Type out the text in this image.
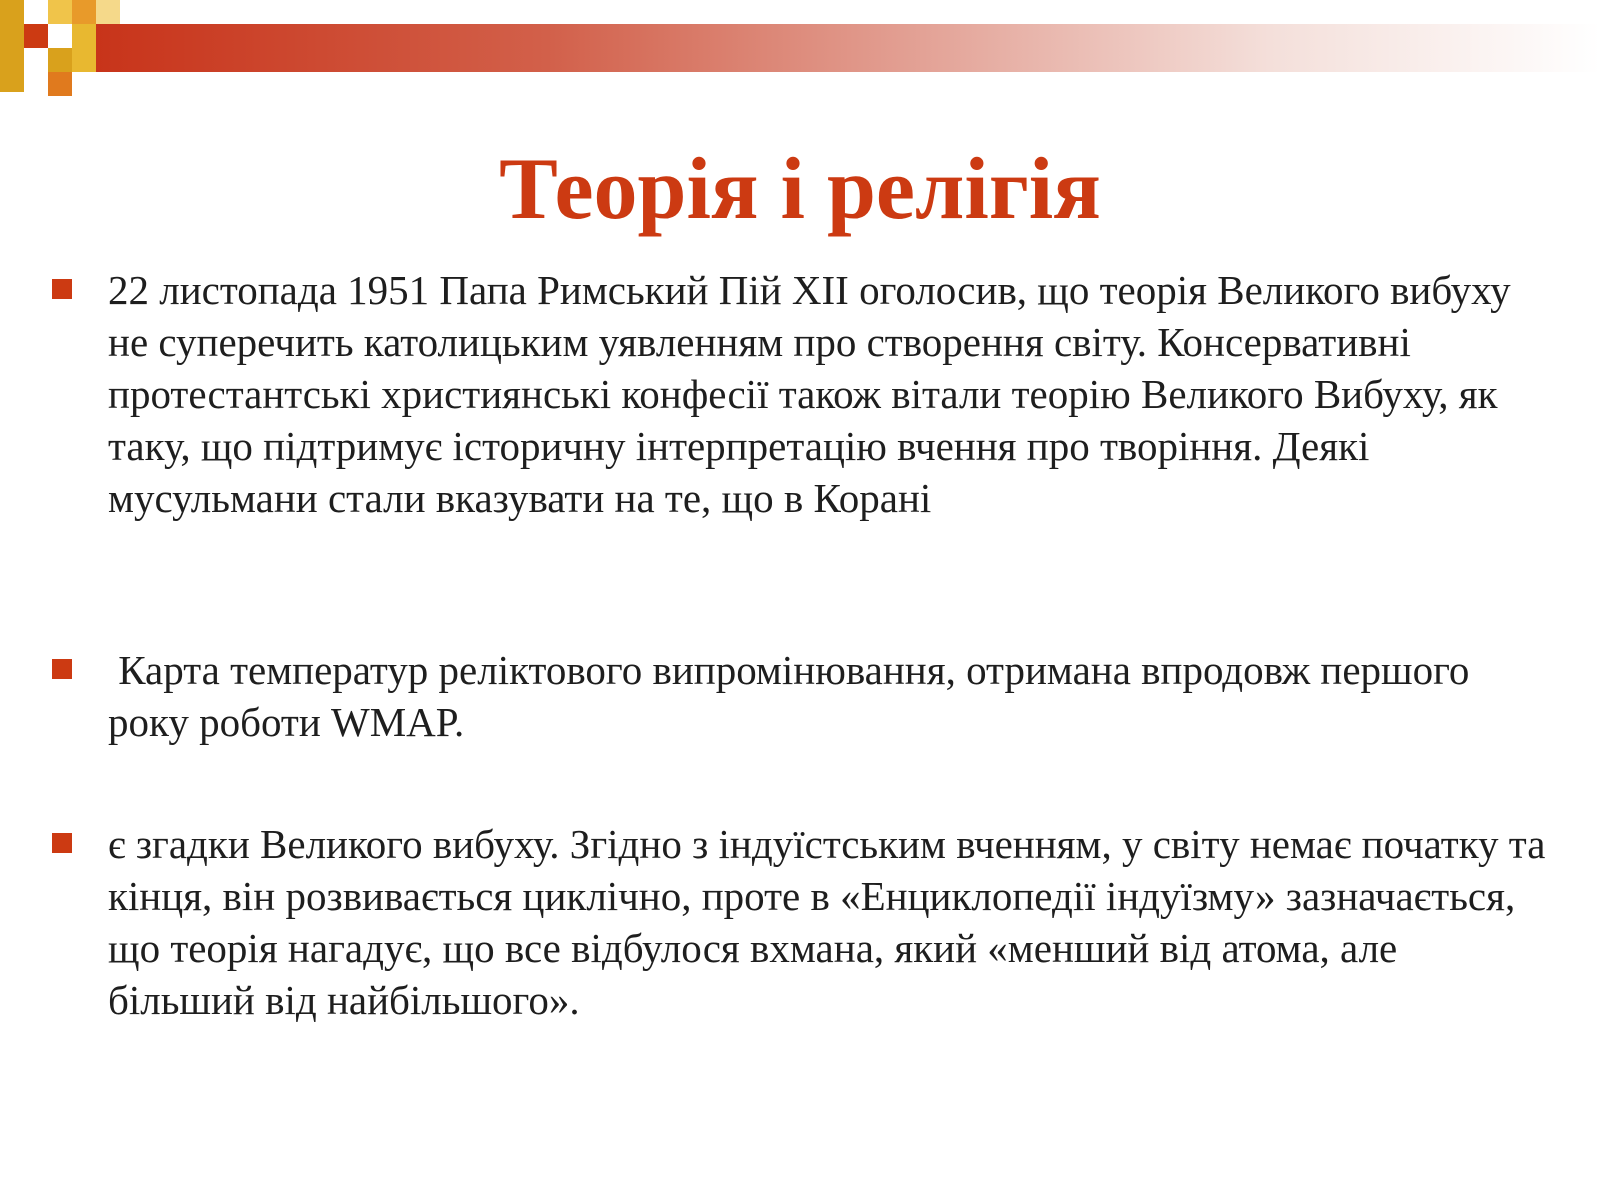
Теорія і релігія

22 листопада 1951 Папа Римський Пій XII оголосив, що теорія Великого вибуху не суперечить католицьким уявленням про створення світу. Консервативні протестантські християнські конфесії також вітали теорію Великого Вибуху, як таку, що підтримує історичну інтерпретацію вчення про творіння. Деякі мусульмани стали вказувати на те, що в Корані

Карта температур реліктового випромінювання, отримана впродовж першого року роботи WMAP.

є згадки Великого вибуху. Згідно з індуїстським вченням, у світу немає початку та кінця, він розвивається циклічно, проте в «Енциклопедії індуїзму» зазначається, що теорія нагадує, що все відбулося вхмана, який «менший від атома, але більший від найбільшого».
